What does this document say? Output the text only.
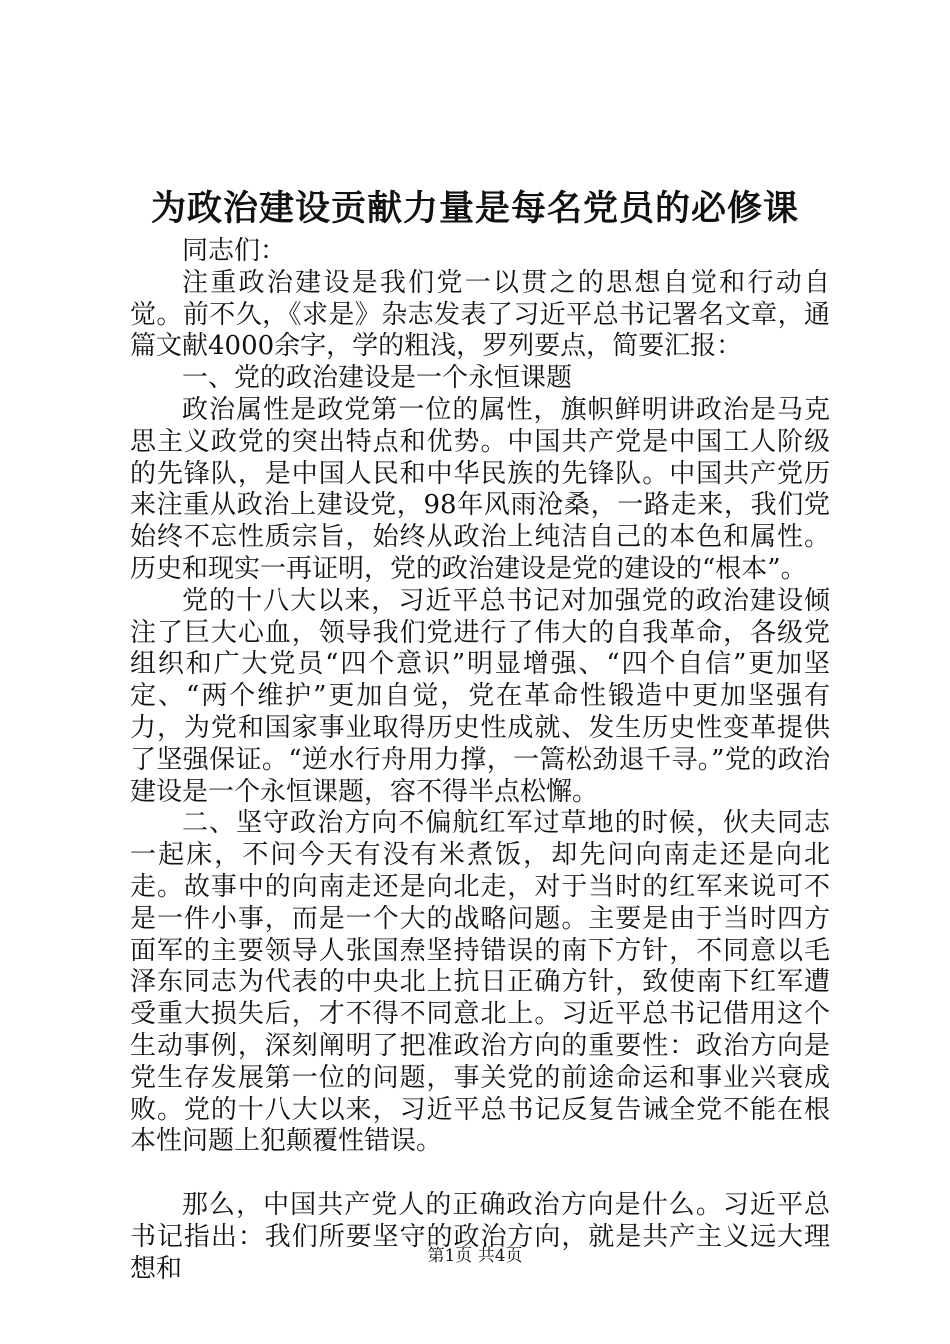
为政治建设贡献力量是每名党员的必修课

同志们：

注重政治建设是我们党一以贯之的思想自觉和行动自觉。前不久，《求是》杂志发表了习近平总书记署名文章，通篇文献4000余字，学的粗浅，罗列要点，简要汇报：

一、党的政治建设是一个永恒课题

政治属性是政党第一位的属性，旗帜鲜明讲政治是马克思主义政党的突出特点和优势。中国共产党是中国工人阶级的先锋队，是中国人民和中华民族的先锋队。中国共产党历来注重从政治上建设党，98年风雨沧桑，一路走来，我们党始终不忘性质宗旨，始终从政治上纯洁自己的本色和属性。历史和现实一再证明，党的政治建设是党的建设的“根本”。

党的十八大以来，习近平总书记对加强党的政治建设倾注了巨大心血，领导我们党进行了伟大的自我革命，各级党组织和广大党员“四个意识”明显增强、“四个自信”更加坚定、“两个维护”更加自觉，党在革命性锻造中更加坚强有力，为党和国家事业取得历史性成就、发生历史性变革提供了坚强保证。“逆水行舟用力撑，一篙松劲退千寻。”党的政治建设是一个永恒课题，容不得半点松懈。

二、坚守政治方向不偏航红军过草地的时候，伙夫同志一起床，不问今天有没有米煮饭，却先问向南走还是向北走。故事中的向南走还是向北走，对于当时的红军来说可不是一件小事，而是一个大的战略问题。主要是由于当时四方面军的主要领导人张国焘坚持错误的南下方针，不同意以毛泽东同志为代表的中央北上抗日正确方针，致使南下红军遭受重大损失后，才不得不同意北上。习近平总书记借用这个生动事例，深刻阐明了把准政治方向的重要性：政治方向是党生存发展第一位的问题，事关党的前途命运和事业兴衰成败。党的十八大以来，习近平总书记反复告诫全党不能在根本性问题上犯颠覆性错误。

那么，中国共产党人的正确政治方向是什么。习近平总书记指出：我们所要坚守的政治方向，就是共产主义远大理想和	第1页 共4页
